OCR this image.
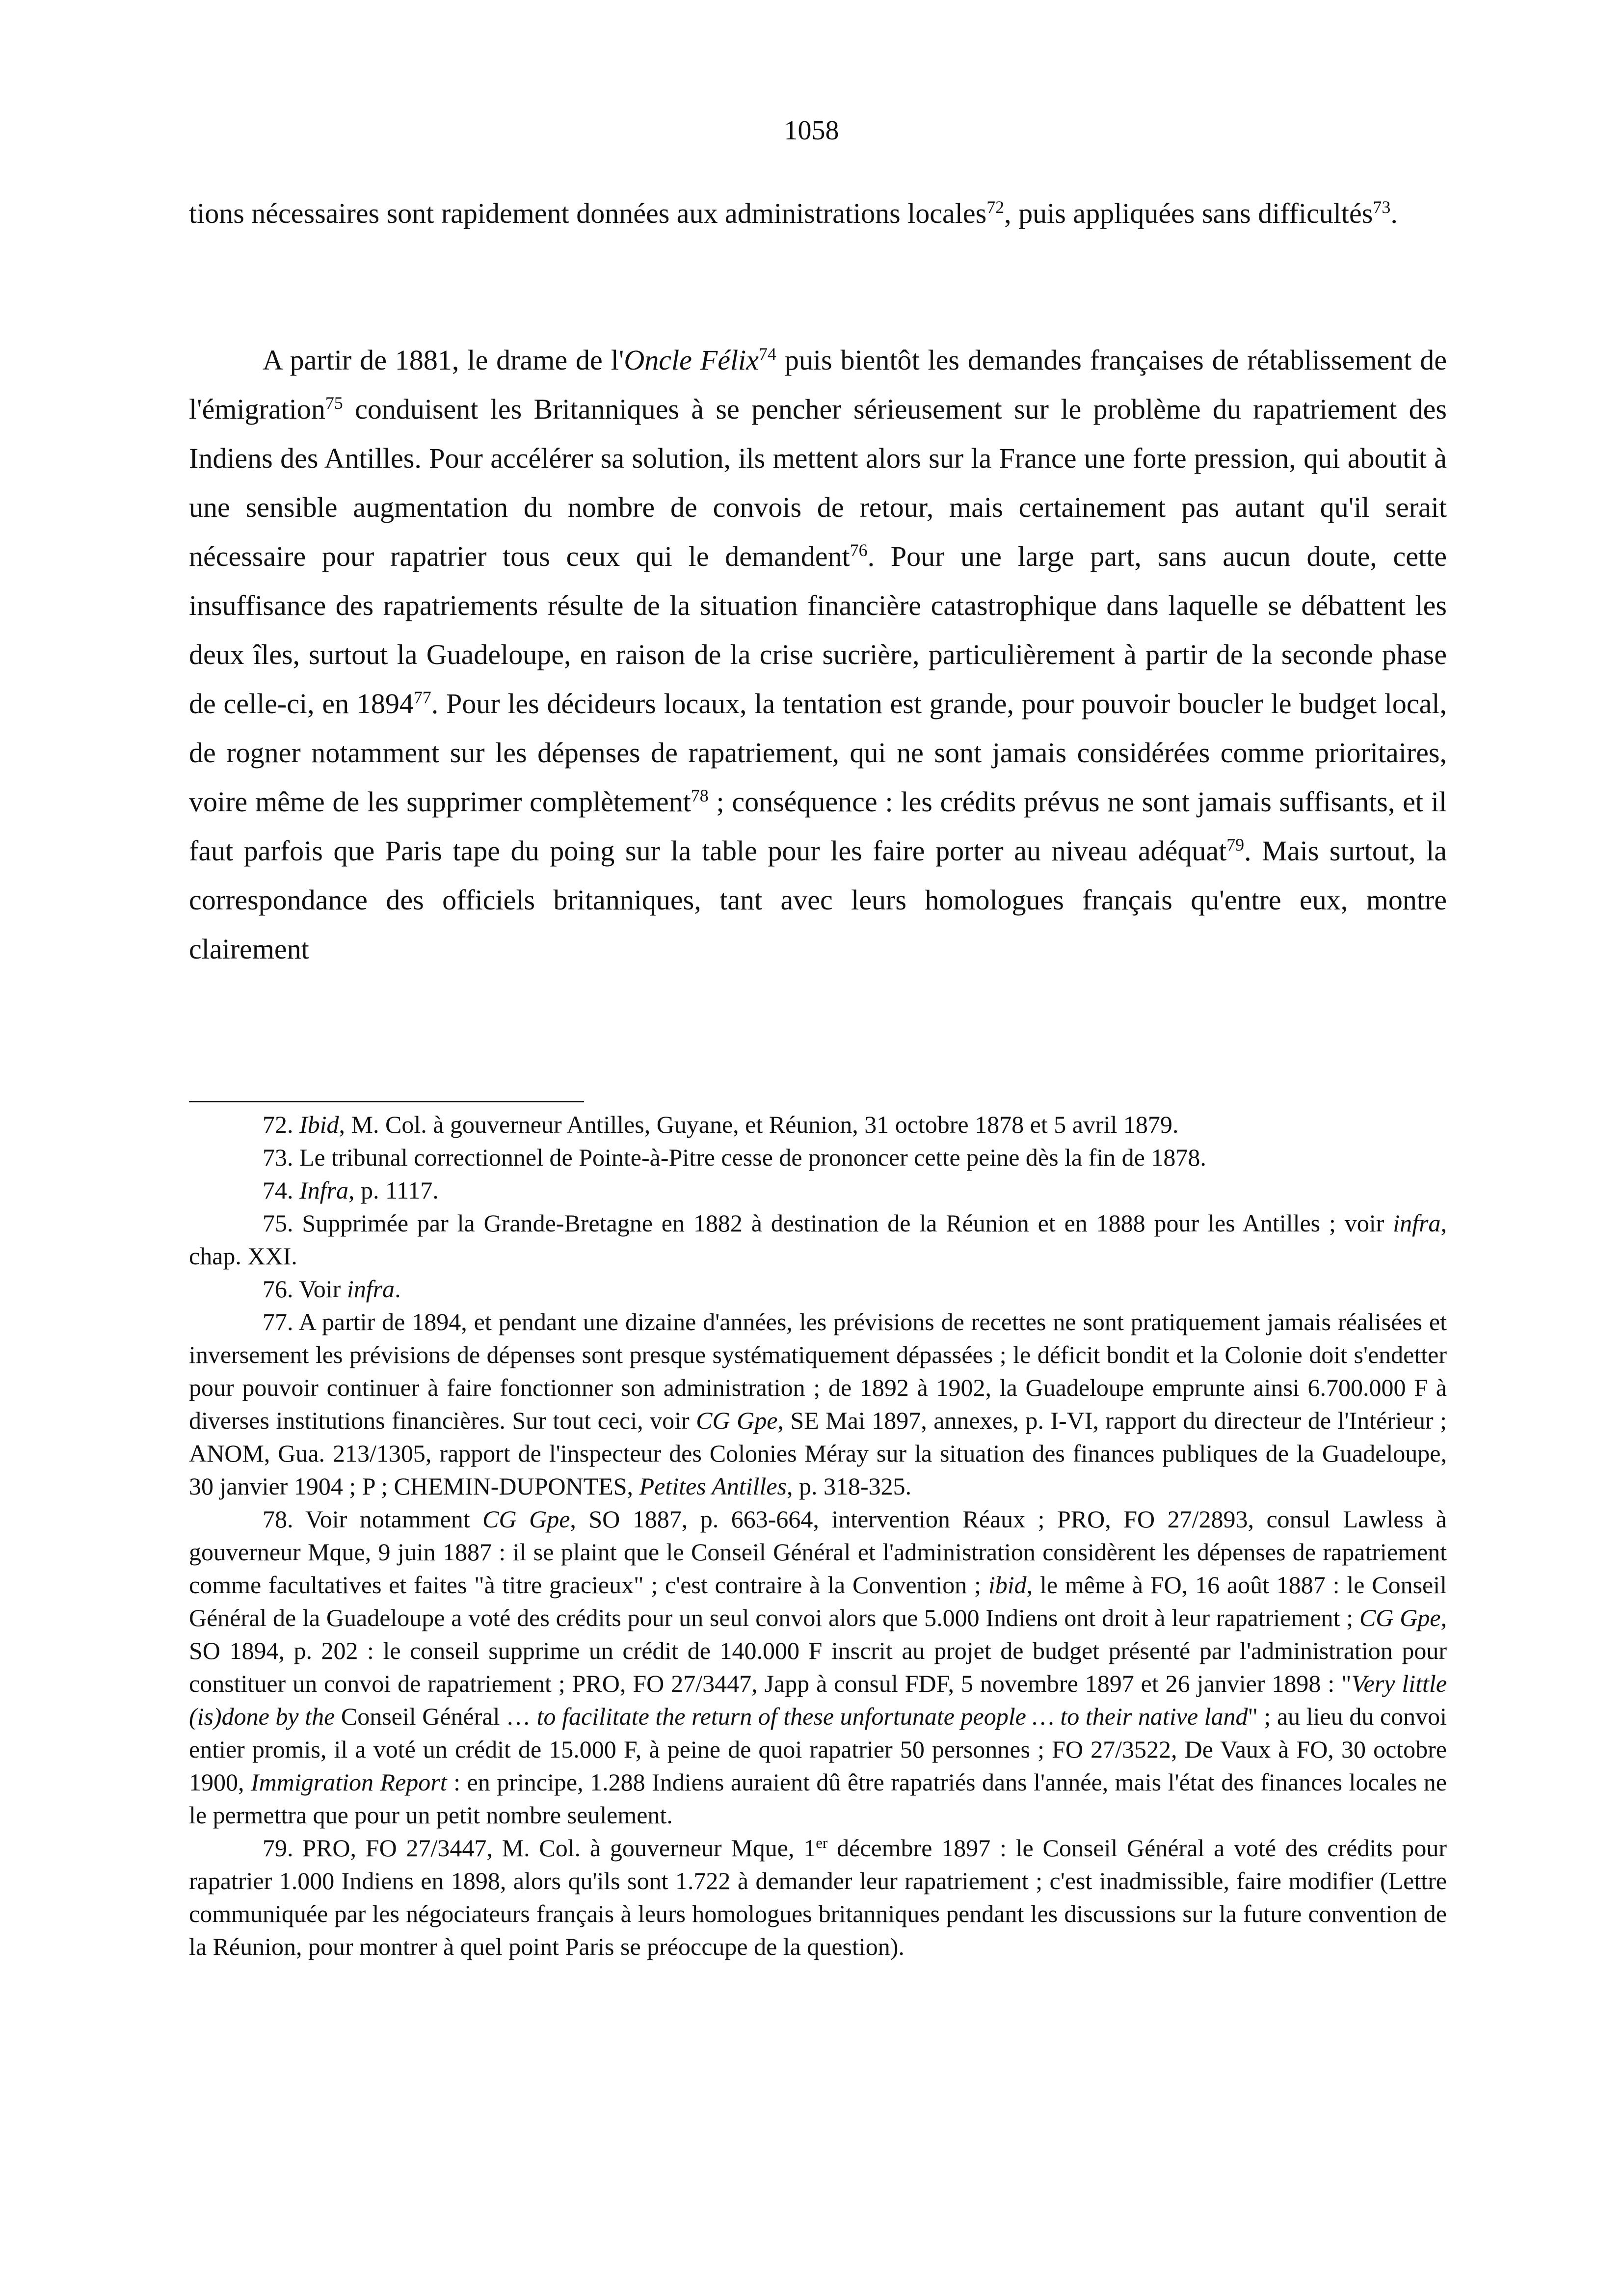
1058

tions nécessaires sont rapidement données aux administrations locales$^{72}$, puis appliquées sans difficultés$^{73}$.

A partir de 1881, le drame de l'Oncle Félix$^{74}$ puis bientôt les demandes françaises de rétablissement de l'émigration$^{75}$ conduisent les Britanniques à se pencher sérieusement sur le problème du rapatriement des Indiens des Antilles. Pour accélérer sa solution, ils mettent alors sur la France une forte pression, qui aboutit à une sensible augmentation du nombre de convois de retour, mais certainement pas autant qu'il serait nécessaire pour rapatrier tous ceux qui le demandent$^{76}$. Pour une large part, sans aucun doute, cette insuffisance des rapatriements résulte de la situation financière catastrophique dans laquelle se débattent les deux îles, surtout la Guadeloupe, en raison de la crise sucrière, particulièrement à partir de la seconde phase de celle-ci, en 1894$^{77}$. Pour les décideurs locaux, la tentation est grande, pour pouvoir boucler le budget local, de rogner notamment sur les dépenses de rapatriement, qui ne sont jamais considérées comme prioritaires, voire même de les supprimer complètement$^{78}$ ; conséquence : les crédits prévus ne sont jamais suffisants, et il faut parfois que Paris tape du poing sur la table pour les faire porter au niveau adéquat$^{79}$. Mais surtout, la correspondance des officiels britanniques, tant avec leurs homologues français qu'entre eux, montre clairement

72. Ibid, M. Col. à gouverneur Antilles, Guyane, et Réunion, 31 octobre 1878 et 5 avril 1879.

73. Le tribunal correctionnel de Pointe-à-Pitre cesse de prononcer cette peine dès la fin de 1878.

74. Infra, p. 1117.

75. Supprimée par la Grande-Bretagne en 1882 à destination de la Réunion et en 1888 pour les Antilles ; voir infra, chap. XXI.

76. Voir infra.

77. A partir de 1894, et pendant une dizaine d'années, les prévisions de recettes ne sont pratiquement jamais réalisées et inversement les prévisions de dépenses sont presque systématiquement dépassées ; le déficit bondit et la Colonie doit s'endetter pour pouvoir continuer à faire fonctionner son administration ; de 1892 à 1902, la Guadeloupe emprunte ainsi 6.700.000 F à diverses institutions financières. Sur tout ceci, voir CG Gpe, SE Mai 1897, annexes, p. I-VI, rapport du directeur de l'Intérieur ; ANOM, Gua. 213/1305, rapport de l'inspecteur des Colonies Méray sur la situation des finances publiques de la Guadeloupe, 30 janvier 1904 ; P ; CHEMIN-DUPONTES, Petites Antilles, p. 318-325.

78. Voir notamment CG Gpe, SO 1887, p. 663-664, intervention Réaux ; PRO, FO 27/2893, consul Lawless à gouverneur Mque, 9 juin 1887 : il se plaint que le Conseil Général et l'administration considèrent les dépenses de rapatriement comme facultatives et faites "à titre gracieux" ; c'est contraire à la Convention ; ibid, le même à FO, 16 août 1887 : le Conseil Général de la Guadeloupe a voté des crédits pour un seul convoi alors que 5.000 Indiens ont droit à leur rapatriement ; CG Gpe, SO 1894, p. 202 : le conseil supprime un crédit de 140.000 F inscrit au projet de budget présenté par l'administration pour constituer un convoi de rapatriement ; PRO, FO 27/3447, Japp à consul FDF, 5 novembre 1897 et 26 janvier 1898 : "Very little (is)done by the Conseil Général … to facilitate the return of these unfortunate people … to their native land" ; au lieu du convoi entier promis, il a voté un crédit de 15.000 F, à peine de quoi rapatrier 50 personnes ; FO 27/3522, De Vaux à FO, 30 octobre 1900, Immigration Report : en principe, 1.288 Indiens auraient dû être rapatriés dans l'année, mais l'état des finances locales ne le permettra que pour un petit nombre seulement.

79. PRO, FO 27/3447, M. Col. à gouverneur Mque, 1er décembre 1897 : le Conseil Général a voté des crédits pour rapatrier 1.000 Indiens en 1898, alors qu'ils sont 1.722 à demander leur rapatriement ; c'est inadmissible, faire modifier (Lettre communiquée par les négociateurs français à leurs homologues britanniques pendant les discussions sur la future convention de la Réunion, pour montrer à quel point Paris se préoccupe de la question).
